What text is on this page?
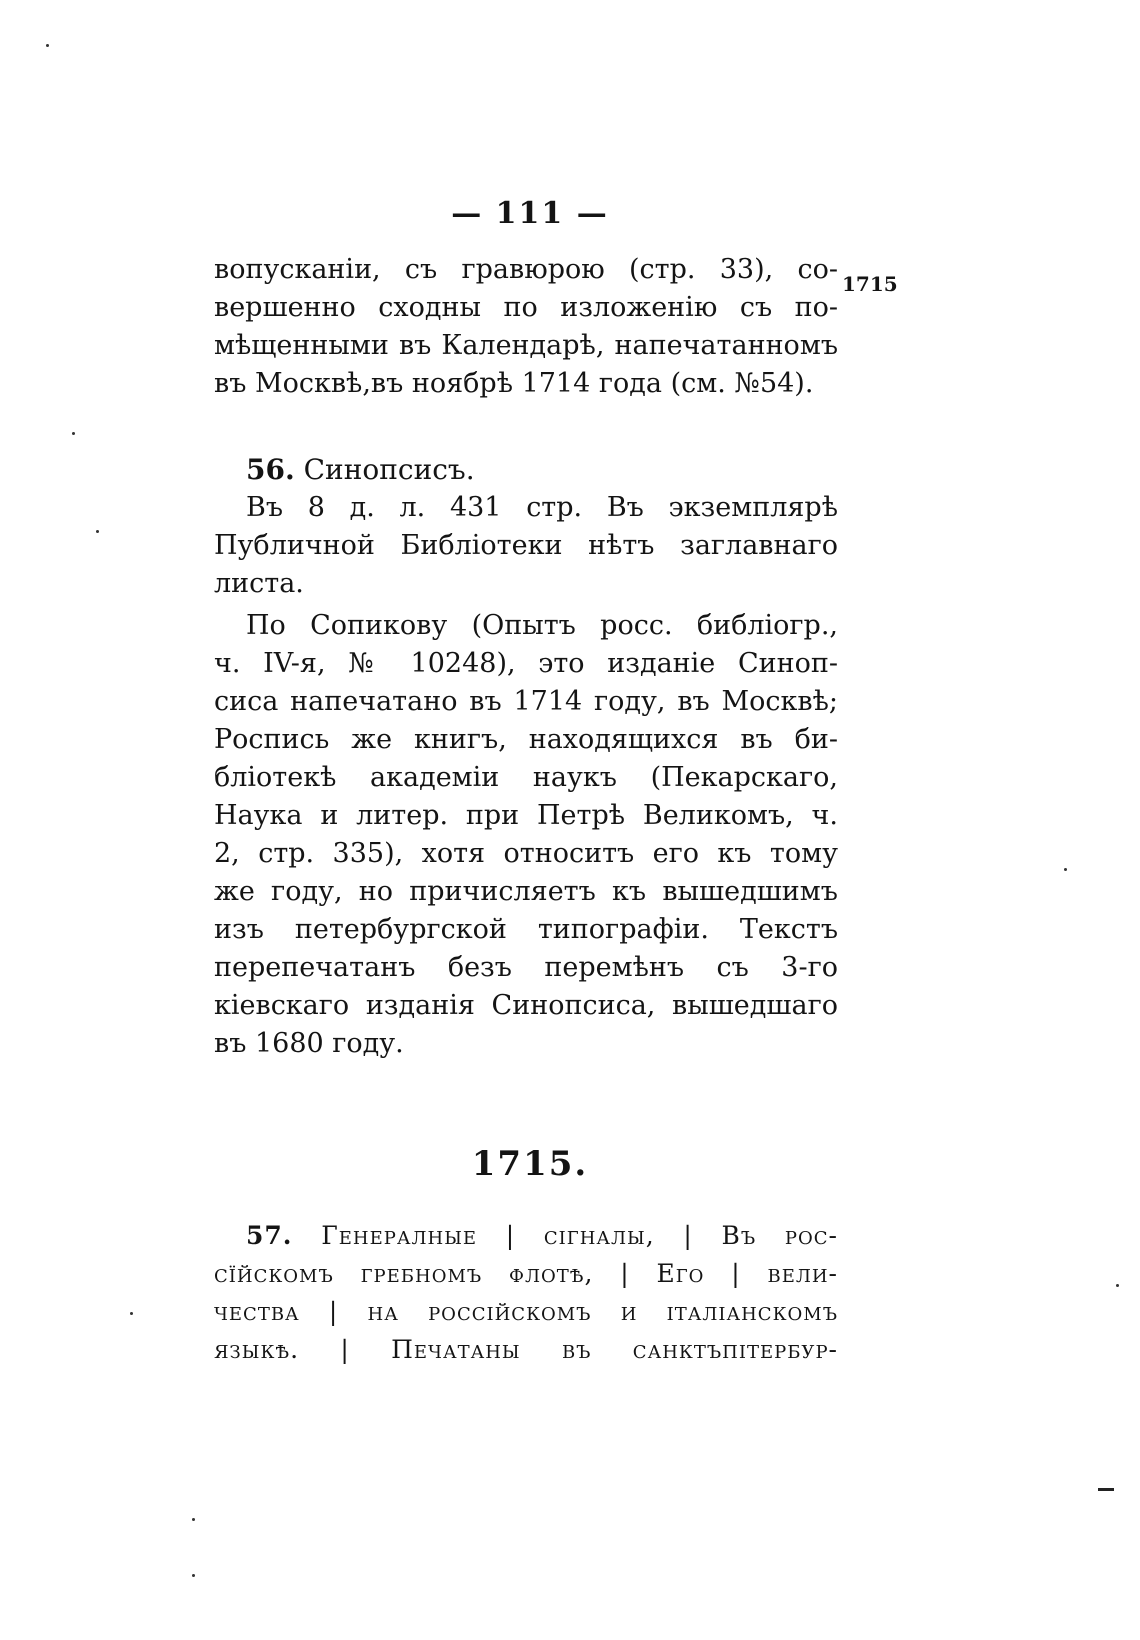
— 111 —
1715
вопусканіи, съ гравюрою (стр. 33), со-
вершенно сходны по изложенію съ по-
мѣщенными въ Календарѣ, напечатанномъ
въ Москвѣ,въ ноябрѣ 1714 года (см. №54).
56. Синопсисъ.
Въ 8 д. л. 431 стр. Въ экземплярѣ
Публичной Библіотеки нѣтъ заглавнаго
листа.
По Сопикову (Опытъ росс. библіогр.,
ч. IV-я, № 10248), это изданіе Синоп-
сиса напечатано въ 1714 году, въ Москвѣ;
Роспись же книгъ, находящихся въ би-
бліотекѣ академіи наукъ (Пекарскаго,
Наука и литер. при Петрѣ Великомъ, ч.
2, стр. 335), хотя относитъ его къ тому
же году, но причисляетъ къ вышедшимъ
изъ петербургской типографіи. Текстъ
перепечатанъ безъ перемѣнъ съ 3-го
кіевскаго изданія Синопсиса, вышедшаго
въ 1680 году.
1715.
57. Генералные | сігналы, | Въ рос-
сїйскомъ гребномъ флотѣ, | Его | вели-
чества | на россійскомъ и італіанскомъ
языкѣ. | Печатаны въ санктъпітербур-
